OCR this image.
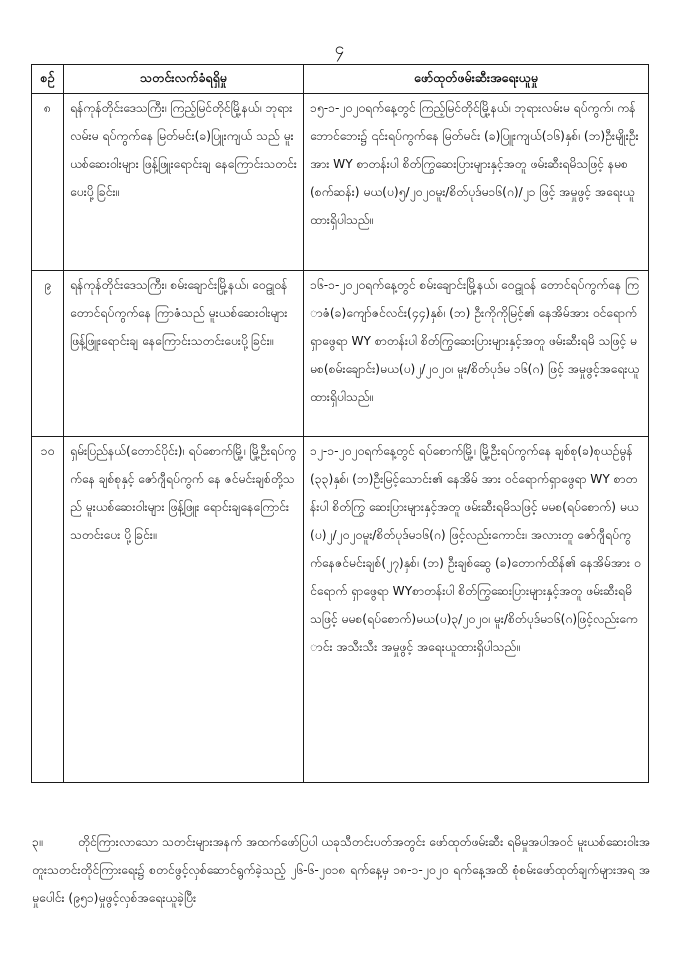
၄
စဉ်	သတင်းလက်ခံရရှိမှု	ဖော်ထုတ်ဖမ်းဆီးအရေးယူမှု
၈	ရန်ကုန်တိုင်းဒေသကြီး၊ ကြည့်မြင်တိုင်မြို့နယ်၊ ဘုရားလမ်းမ ရပ်ကွက်နေ မြတ်မင်း(ခ)ပြူးကျယ် သည် မူးယစ်ဆေးဝါးများ ဖြန့်ဖြူးရောင်းချ နေကြောင်းသတင်းပေးပို့ခြင်း။	၁၅-၁-၂၀၂၀ရက်နေ့တွင် ကြည့်မြင်တိုင်မြို့နယ်၊ ဘုရားလမ်းမ ရပ်ကွက်၊ ကန်ဘောင်ဘေး၌ ၎င်းရပ်ကွက်နေ မြတ်မင်း (ခ)ပြူးကျယ်(၁၆)နှစ်၊ (ဘ)ဦးမျိုးဦးအား WY စာတန်းပါ စိတ်ကြွဆေးပြားများနှင့်အတူ ဖမ်းဆီးရမိသဖြင့် နမစ (စက်ဆန်း) မယ(ပ)၅/၂၀၂၀မူး/စိတ်ပုဒ်မ၁၆(ဂ)/၂၁ ဖြင့် အမှုဖွင့် အရေးယူထားရှိပါသည်။
၉	ရန်ကုန်တိုင်းဒေသကြီး၊ စမ်းချောင်းမြို့နယ်၊ ဝေဠုဝန်တောင်ရပ်ကွက်နေ ကြာဇံသည် မူးယစ်ဆေးဝါးများ ဖြန့်ဖြူးရောင်းချ နေကြောင်းသတင်းပေးပို့ခြင်း။	၁၆-၁-၂၀၂၀ရက်နေ့တွင် စမ်းချောင်းမြို့နယ်၊ ဝေဠုဝန် တောင်ရပ်ကွက်နေ ကြာဇံ(ခ)ကျော်ဇင်လင်း(၄၄)နှစ်၊ (ဘ) ဦးကိုကိုမြင့်၏ နေအိမ်အား ဝင်ရောက်ရှာဖွေရာ WY စာတန်းပါ စိတ်ကြွဆေးပြားများနှင့်အတူ ဖမ်းဆီးရမိ သဖြင့် မမစ(စမ်းချောင်း)မယ(ပ)၂/၂၀၂၀၊ မူး/စိတ်ပုဒ်မ ၁၆(ဂ) ဖြင့် အမှုဖွင့်အရေးယူထားရှိပါသည်။
၁၀	ရှမ်းပြည်နယ်(တောင်ပိုင်း)၊ ရပ်စောက်မြို့၊ မြို့ဦးရပ်ကွက်နေ ချစ်စုနှင့် ဇော်ဂျီရပ်ကွက် နေ ဇင်မင်းချစ်တို့သည် မူးယစ်ဆေးဝါးများ ဖြန့်ဖြူး ရောင်းချနေကြောင်း သတင်းပေး ပို့ခြင်း။	၁၂-၁-၂၀၂၀ရက်နေ့တွင် ရပ်စောက်မြို့၊ မြို့ဦးရပ်ကွက်နေ ချစ်စု(ခ)စုယဉ်မွန်(၃၃)နှစ်၊ (ဘ)ဦးမြင့်သောင်း၏ နေအိမ် အား ဝင်ရောက်ရှာဖွေရာ WY စာတန်းပါ စိတ်ကြွ ဆေးပြားများနှင့်အတူ ဖမ်းဆီးရမိသဖြင့် မမစ(ရပ်စောက်) မယ(ပ)၂/၂၀၂၀မူး/စိတ်ပုဒ်မ၁၆(ဂ) ဖြင့်လည်းကောင်း၊ အလားတူ ဇော်ဂျီရပ်ကွက်နေဇင်မင်းချစ်(၂၇)နှစ်၊ (ဘ) ဦးချစ်ဆွေ (ခ)တောက်ထိန်၏ နေအိမ်အား ဝင်ရောက် ရှာဖွေရာ WYစာတန်းပါ စိတ်ကြွဆေးပြားများနှင့်အတူ ဖမ်းဆီးရမိသဖြင့် မမစ(ရပ်စောက်)မယ(ပ)၃/၂၀၂၀၊ မူး/စိတ်ပုဒ်မ၁၆(ဂ)ဖြင့်လည်းကောင်း အသီးသီး အမှုဖွင့် အရေးယူထားရှိပါသည်။
၃။	တိုင်ကြားလာသော သတင်းများအနက် အထက်ဖော်ပြပါ ယခုသီတင်းပတ်အတွင်း ဖော်ထုတ်ဖမ်းဆီး ရမိမှုအပါအဝင် မူးယစ်ဆေးဝါးအတူးသတင်းတိုင်ကြားရေး၌ စတင်ဖွင့်လှစ်ဆောင်ရွက်ခဲ့သည့် ၂၆-၆-၂၀၁၈ ရက်နေ့မှ ၁၈-၁-၂၀၂၀ ရက်နေ့အထိ စုံစမ်းဖော်ထုတ်ချက်များအရ အမှုပေါင်း (၉၅၁)မှုဖွင့်လှစ်အရေးယူခဲ့ပြီး
